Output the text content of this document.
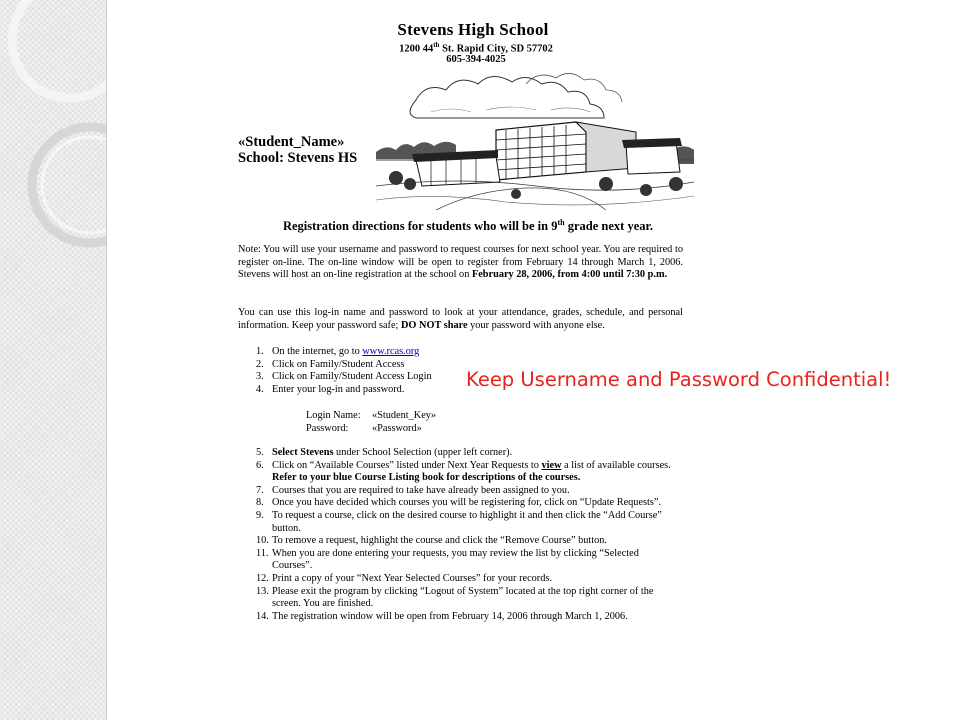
Stevens High School
1200 44th St. Rapid City, SD 57702
605-394-4025
«Student_Name»
School: Stevens HS
Registration directions for students who will be in 9th grade next year.
Note: You will use your username and password to request courses for next school year. You are required to register on-line. The on-line window will be open to register from February 14 through March 1, 2006. Stevens will host an on-line registration at the school on February 28, 2006, from 4:00 until 7:30 p.m.
You can use this log-in name and password to look at your attendance, grades, schedule, and personal information. Keep your password safe; DO NOT share your password with anyone else.
1. On the internet, go to www.rcas.org
2. Click on Family/Student Access
3. Click on Family/Student Access Login
4. Enter your log-in and password.
Login Name:	«Student_Key»
Password:	«Password»
5. Select Stevens under School Selection (upper left corner).
6. Click on “Available Courses” listed under Next Year Requests to view a list of available courses. Refer to your blue Course Listing book for descriptions of the courses.
7. Courses that you are required to take have already been assigned to you.
8. Once you have decided which courses you will be registering for, click on “Update Requests”.
9. To request a course, click on the desired course to highlight it and then click the “Add Course” button.
10. To remove a request, highlight the course and click the “Remove Course” button.
11. When you are done entering your requests, you may review the list by clicking “Selected Courses”.
12. Print a copy of your “Next Year Selected Courses” for your records.
13. Please exit the program by clicking “Logout of System” located at the top right corner of the screen. You are finished.
14. The registration window will be open from February 14, 2006 through March 1, 2006.
Keep Username and Password Confidential!
